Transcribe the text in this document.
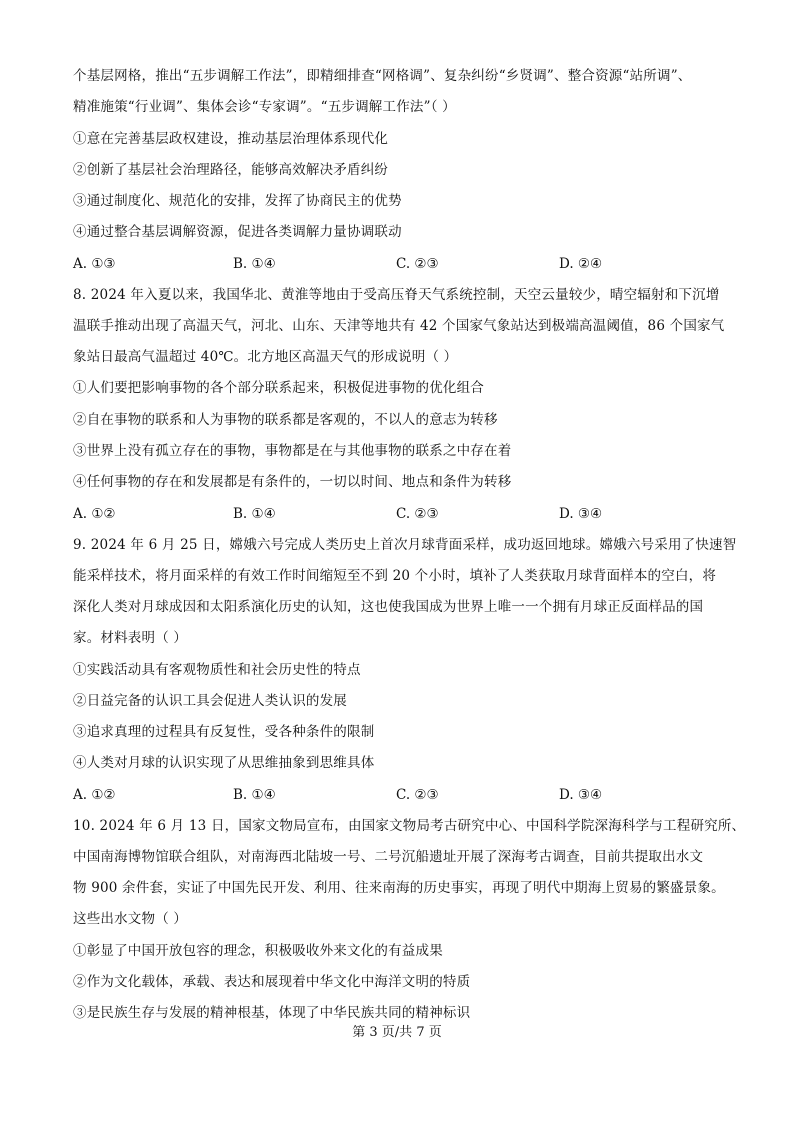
个基层网格，推出“五步调解工作法”，即精细排查“网格调”、复杂纠纷“乡贤调”、整合资源“站所调”、
精准施策“行业调”、集体会诊“专家调”。“五步调解工作法”（ ）
①意在完善基层政权建设，推动基层治理体系现代化
②创新了基层社会治理路径，能够高效解决矛盾纠纷
③通过制度化、规范化的安排，发挥了协商民主的优势
④通过整合基层调解资源，促进各类调解力量协调联动
A. ①③	B. ①④	C. ②③	D. ②④
8. 2024 年入夏以来，我国华北、黄淮等地由于受高压脊天气系统控制，天空云量较少，晴空辐射和下沉增
温联手推动出现了高温天气，河北、山东、天津等地共有 42 个国家气象站达到极端高温阈值，86 个国家气
象站日最高气温超过 40℃。北方地区高温天气的形成说明（ ）
①人们要把影响事物的各个部分联系起来，积极促进事物的优化组合
②自在事物的联系和人为事物的联系都是客观的，不以人的意志为转移
③世界上没有孤立存在的事物，事物都是在与其他事物的联系之中存在着
④任何事物的存在和发展都是有条件的，一切以时间、地点和条件为转移
A. ①②	B. ①④	C. ②③	D. ③④
9. 2024 年 6 月 25 日，嫦娥六号完成人类历史上首次月球背面采样，成功返回地球。嫦娥六号采用了快速智
能采样技术，将月面采样的有效工作时间缩短至不到 20 个小时，填补了人类获取月球背面样本的空白，将
深化人类对月球成因和太阳系演化历史的认知，这也使我国成为世界上唯一一个拥有月球正反面样品的国
家。材料表明（ ）
①实践活动具有客观物质性和社会历史性的特点
②日益完备的认识工具会促进人类认识的发展
③追求真理的过程具有反复性，受各种条件的限制
④人类对月球的认识实现了从思维抽象到思维具体
A. ①②	B. ①④	C. ②③	D. ③④
10. 2024 年 6 月 13 日，国家文物局宣布，由国家文物局考古研究中心、中国科学院深海科学与工程研究所、
中国南海博物馆联合组队，对南海西北陆坡一号、二号沉船遗址开展了深海考古调查，目前共提取出水文
物 900 余件套，实证了中国先民开发、利用、往来南海的历史事实，再现了明代中期海上贸易的繁盛景象。
这些出水文物（ ）
①彰显了中国开放包容的理念，积极吸收外来文化的有益成果
②作为文化载体，承载、表达和展现着中华文化中海洋文明的特质
③是民族生存与发展的精神根基，体现了中华民族共同的精神标识
第 3 页/共 7 页
